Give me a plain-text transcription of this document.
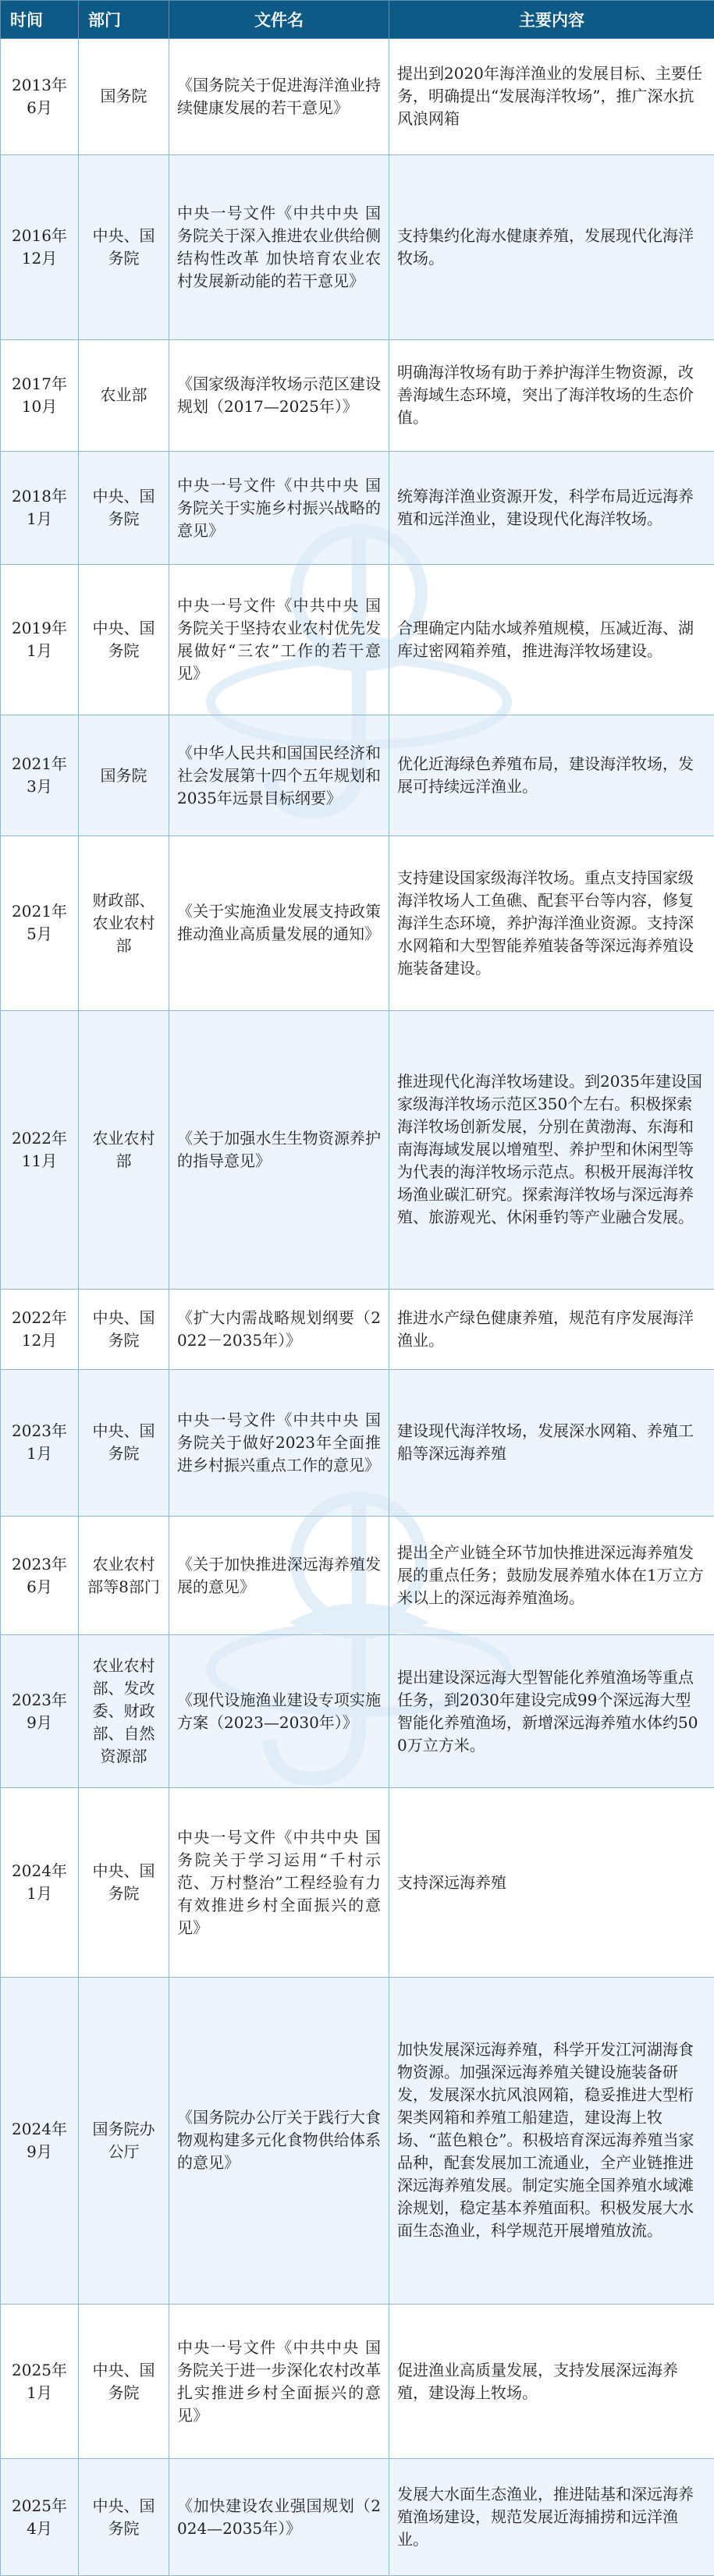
时间	部门	文件名	主要内容
2013年6月	国务院	《国务院关于促进海洋渔业持续健康发展的若干意见》	提出到2020年海洋渔业的发展目标、主要任务，明确提出“发展海洋牧场”，推广深水抗风浪网箱
2016年12月	中央、国务院	中央一号文件《中共中央 国务院关于深入推进农业供给侧结构性改革 加快培育农业农村发展新动能的若干意见》	支持集约化海水健康养殖，发展现代化海洋牧场。
2017年10月	农业部	《国家级海洋牧场示范区建设规划（2017—2025年）》	明确海洋牧场有助于养护海洋生物资源，改善海域生态环境，突出了海洋牧场的生态价值。
2018年1月	中央、国务院	中央一号文件《中共中央 国务院关于实施乡村振兴战略的意见》	统筹海洋渔业资源开发，科学布局近远海养殖和远洋渔业，建设现代化海洋牧场。
2019年1月	中央、国务院	中央一号文件《中共中央 国务院关于坚持农业农村优先发展做好“三农”工作的若干意见》	合理确定内陆水域养殖规模，压减近海、湖库过密网箱养殖，推进海洋牧场建设。
2021年3月	国务院	《中华人民共和国国民经济和社会发展第十四个五年规划和2035年远景目标纲要》	优化近海绿色养殖布局，建设海洋牧场，发展可持续远洋渔业。
2021年5月	财政部、农业农村部	《关于实施渔业发展支持政策推动渔业高质量发展的通知》	支持建设国家级海洋牧场。重点支持国家级海洋牧场人工鱼礁、配套平台等内容，修复海洋生态环境，养护海洋渔业资源。支持深水网箱和大型智能养殖装备等深远海养殖设施装备建设。
2022年11月	农业农村部	《关于加强水生生物资源养护的指导意见》	推进现代化海洋牧场建设。到2035年建设国家级海洋牧场示范区350个左右。积极探索海洋牧场创新发展，分别在黄渤海、东海和南海海域发展以增殖型、养护型和休闲型等为代表的海洋牧场示范点。积极开展海洋牧场渔业碳汇研究。探索海洋牧场与深远海养殖、旅游观光、休闲垂钓等产业融合发展。
2022年12月	中央、国务院	《扩大内需战略规划纲要（2022－2035年）》	推进水产绿色健康养殖，规范有序发展海洋渔业。
2023年1月	中央、国务院	中央一号文件《中共中央 国务院关于做好2023年全面推进乡村振兴重点工作的意见》	建设现代海洋牧场，发展深水网箱、养殖工船等深远海养殖
2023年6月	农业农村部等8部门	《关于加快推进深远海养殖发展的意见》	提出全产业链全环节加快推进深远海养殖发展的重点任务；鼓励发展养殖水体在1万立方米以上的深远海养殖渔场。
2023年9月	农业农村部、发改委、财政部、自然资源部	《现代设施渔业建设专项实施方案（2023—2030年）》	提出建设深远海大型智能化养殖渔场等重点任务，到2030年建设完成99个深远海大型智能化养殖渔场，新增深远海养殖水体约500万立方米。
2024年1月	中央、国务院	中央一号文件《中共中央 国务院关于学习运用“千村示范、万村整治”工程经验有力有效推进乡村全面振兴的意见》	支持深远海养殖
2024年9月	国务院办公厅	《国务院办公厅关于践行大食物观构建多元化食物供给体系的意见》	加快发展深远海养殖，科学开发江河湖海食物资源。加强深远海养殖关键设施装备研发，发展深水抗风浪网箱，稳妥推进大型桁架类网箱和养殖工船建造，建设海上牧场、“蓝色粮仓”。积极培育深远海养殖当家品种，配套发展加工流通业，全产业链推进深远海养殖发展。制定实施全国养殖水域滩涂规划，稳定基本养殖面积。积极发展大水面生态渔业，科学规范开展增殖放流。
2025年1月	中央、国务院	中央一号文件《中共中央 国务院关于进一步深化农村改革 扎实推进乡村全面振兴的意见》	促进渔业高质量发展，支持发展深远海养殖，建设海上牧场。
2025年4月	中央、国务院	《加快建设农业强国规划（2024—2035年）》	发展大水面生态渔业，推进陆基和深远海养殖渔场建设，规范发展近海捕捞和远洋渔业。
